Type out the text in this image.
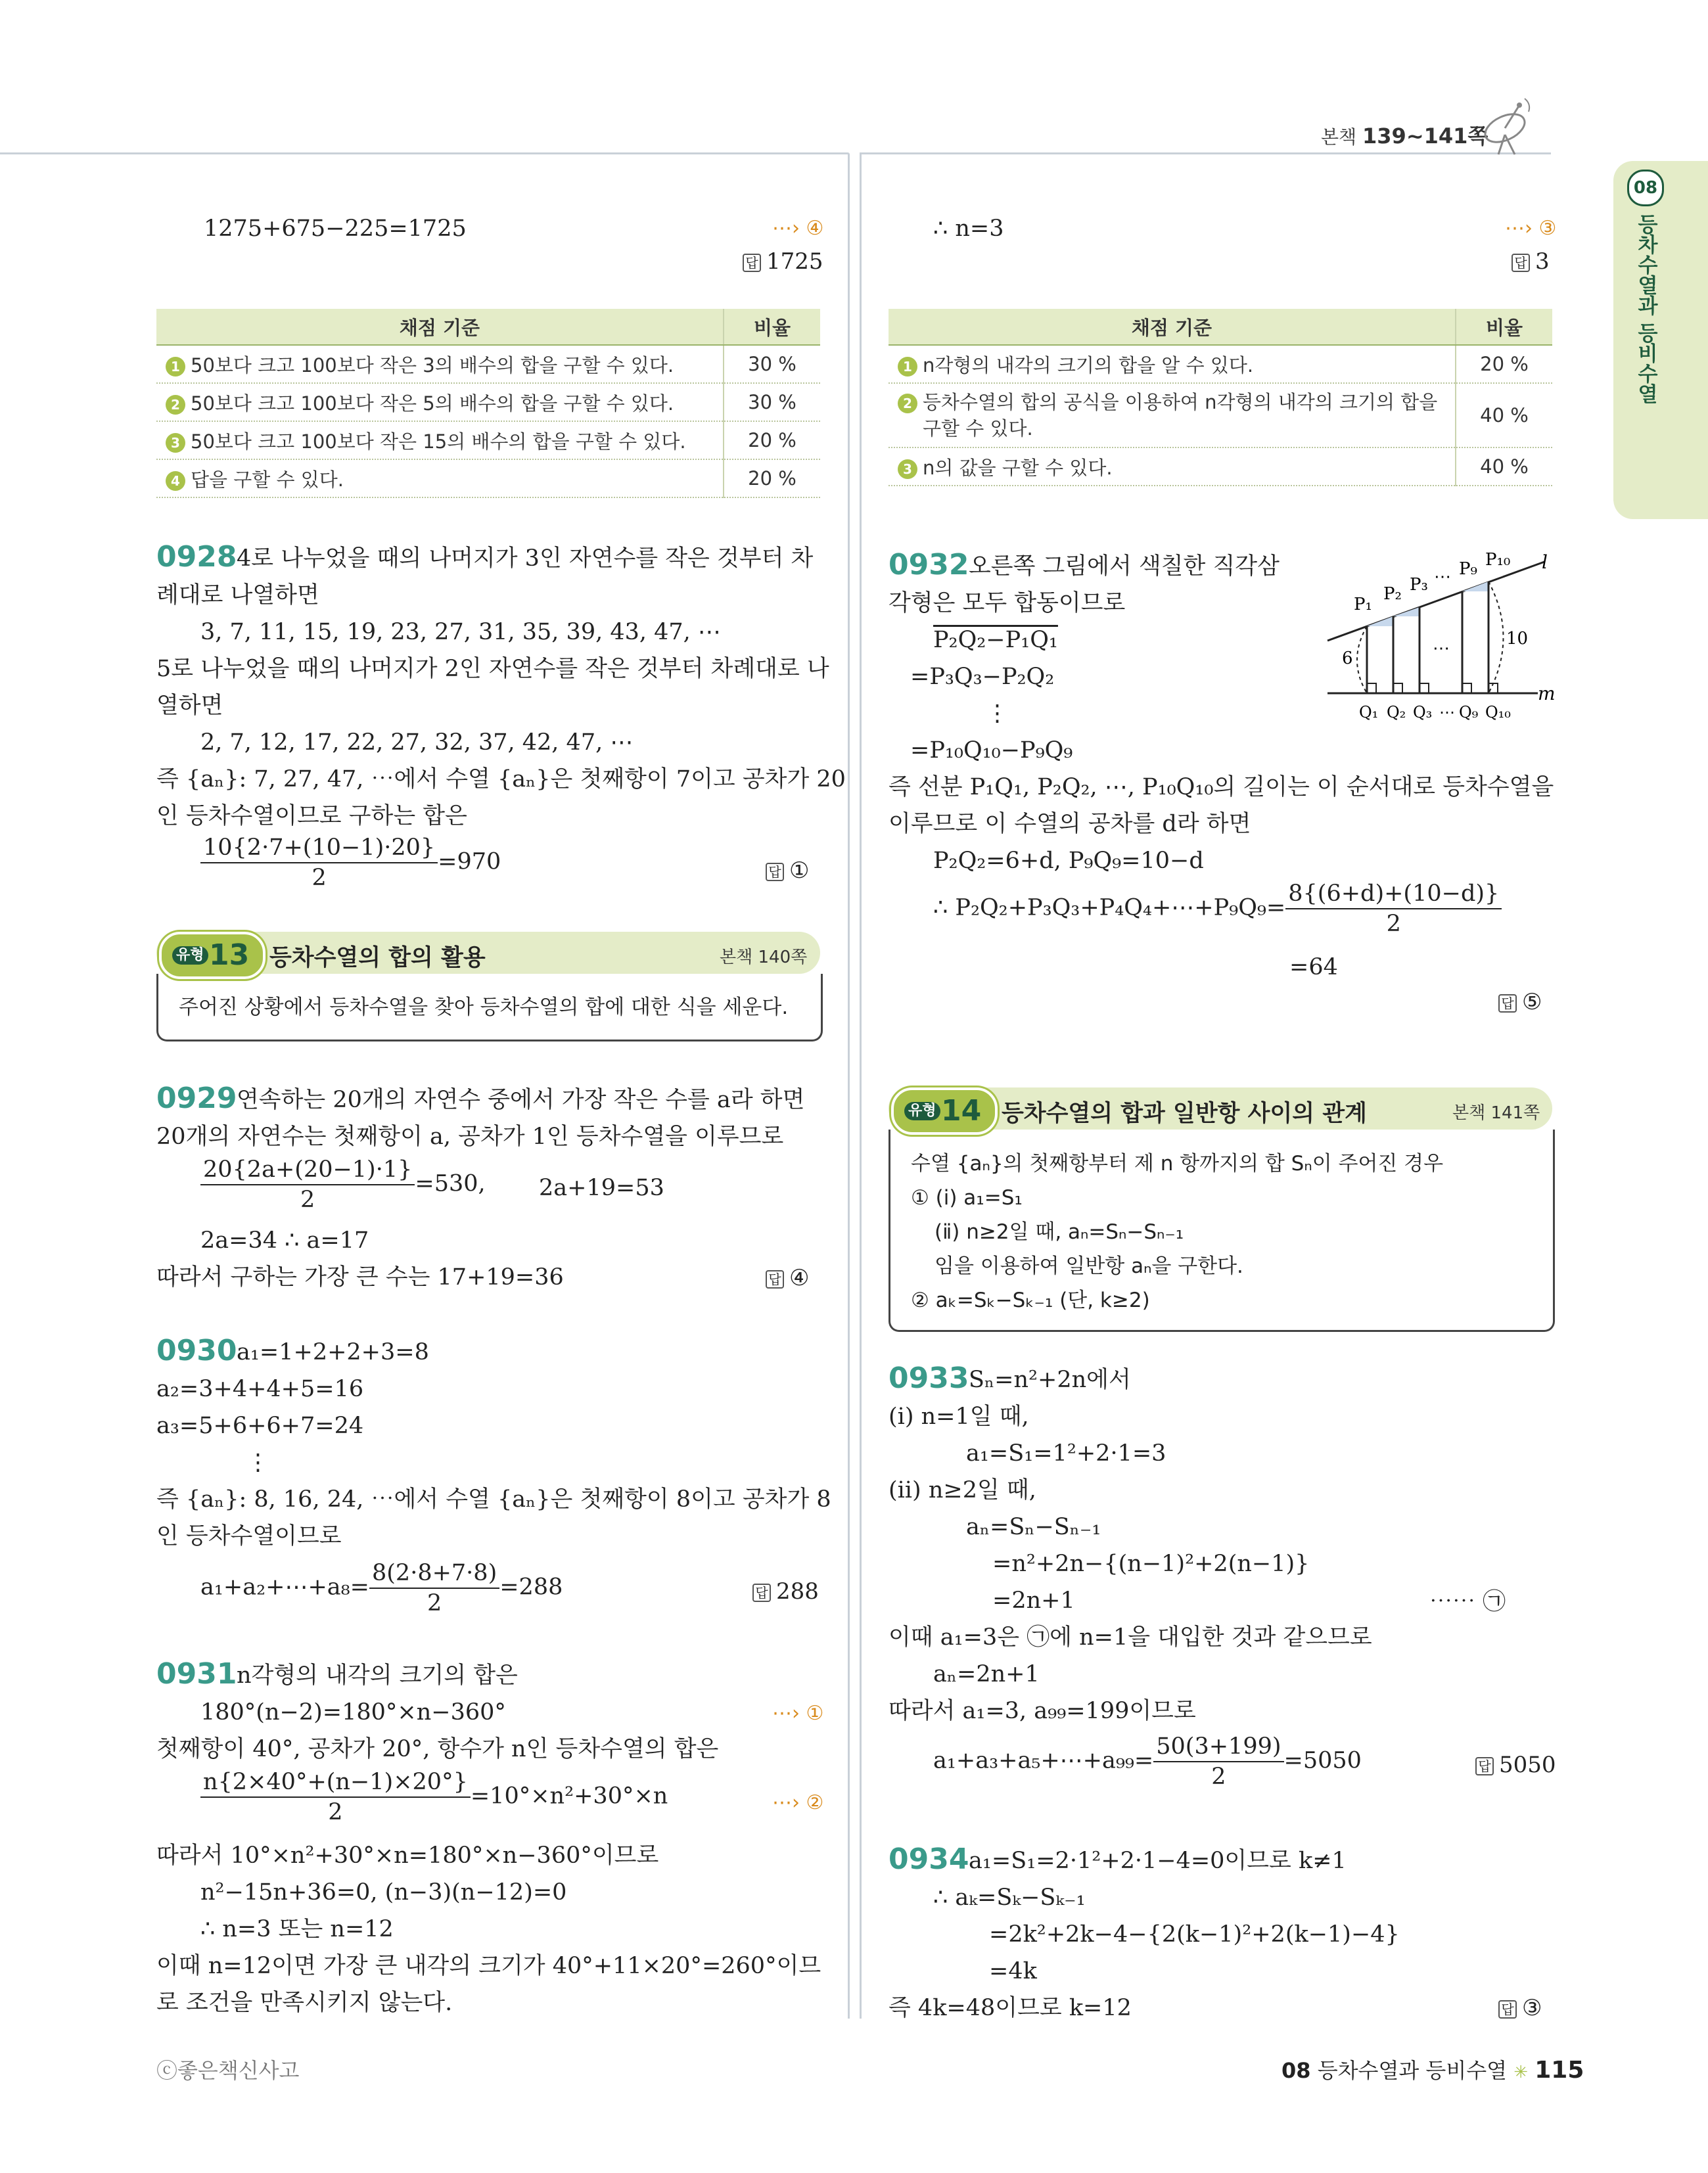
본책 139~141쪽
08
등차수열과 등비수열
1275+675−225=1725	⋯› ④
답 1725
채점 기준	비율
1 50보다 크고 100보다 작은 3의 배수의 합을 구할 수 있다.	30 %
2 50보다 크고 100보다 작은 5의 배수의 합을 구할 수 있다.	30 %
3 50보다 크고 100보다 작은 15의 배수의 합을 구할 수 있다.	20 %
4 답을 구할 수 있다.	20 %
0928 4로 나누었을 때의 나머지가 3인 자연수를 작은 것부터 차
례대로 나열하면
3, 7, 11, 15, 19, 23, 27, 31, 35, 39, 43, 47, ⋯
5로 나누었을 때의 나머지가 2인 자연수를 작은 것부터 차례대로 나
열하면
2, 7, 12, 17, 22, 27, 32, 37, 42, 47, ⋯
즉 {aₙ}: 7, 27, 47, ⋯에서 수열 {aₙ}은 첫째항이 7이고 공차가 20
인 등차수열이므로 구하는 합은
$\frac{10\{2\cdot 7+(10-1)\cdot 20\}}{2} =970$	답 ①
유형 13 등차수열의 합의 활용	본책 140쪽
주어진 상황에서 등차수열을 찾아 등차수열의 합에 대한 식을 세운다.
0929 연속하는 20개의 자연수 중에서 가장 작은 수를 a라 하면
20개의 자연수는 첫째항이 a, 공차가 1인 등차수열을 이루므로
$\frac{20\{2a+(20-1)\cdot 1\}}{2} =530$, 2a+19=53
2a=34 ∴ a=17
따라서 구하는 가장 큰 수는 17+19=36	답 ④
0930 a₁=1+2+2+3=8
a₂=3+4+4+5=16
a₃=5+6+6+7=24
⋮
즉 {aₙ}: 8, 16, 24, ⋯에서 수열 {aₙ}은 첫째항이 8이고 공차가 8
인 등차수열이므로
a₁+a₂+⋯+a₈= $\frac{8(2\cdot 8+7\cdot 8)}{2} =288$	답 288
0931 n각형의 내각의 크기의 합은
180°(n−2)=180°×n−360°	⋯› ①
첫째항이 40°, 공차가 20°, 항수가 n인 등차수열의 합은
$\frac{n\{2\times 40^\circ+(n-1)\times 20^\circ\}}{2} =10^\circ\times n^2+30^\circ\times n$	⋯› ②
따라서 10°×n²+30°×n=180°×n−360°이므로
n²−15n+36=0, (n−3)(n−12)=0
∴ n=3 또는 n=12
이때 n=12이면 가장 큰 내각의 크기가 40°+11×20°=260°이므
로 조건을 만족시키지 않는다.
∴ n=3	⋯› ③
답 3
채점 기준	비율
1 n각형의 내각의 크기의 합을 알 수 있다.	20 %
2 등차수열의 합의 공식을 이용하여 n각형의 내각의 크기의 합을
구할 수 있다.	40 %
3 n의 값을 구할 수 있다.	40 %
0932 오른쪽 그림에서 색칠한 직각삼
각형은 모두 합동이므로
P₂Q₂−P₁Q₁
=P₃Q₃−P₂Q₂
⋮
=P₁₀Q₁₀−P₉Q₉
즉 선분 P₁Q₁, P₂Q₂, ⋯, P₁₀Q₁₀의 길이는 이 순서대로 등차수열을
이루므로 이 수열의 공차를 d라 하면
P₂Q₂=6+d, P₉Q₉=10−d
∴ P₂Q₂+P₃Q₃+P₄Q₄+⋯+P₉Q₉= $\frac{8\{(6+d)+(10-d)\}}{2}$
=64
답 ⑤
P₁
P₂ P₃ ⋯ P₉ P₁₀ l
m
6
10
⋯
Q₁ Q₂ Q₃ ⋯ Q₉ Q₁₀
유형 14 등차수열의 합과 일반항 사이의 관계	본책 141쪽
수열 {aₙ}의 첫째항부터 제 n 항까지의 합 Sₙ이 주어진 경우
① (ⅰ) a₁=S₁
(ⅱ) n≥2일 때, aₙ=Sₙ−Sₙ₋₁
임을 이용하여 일반항 aₙ을 구한다.
② aₖ=Sₖ−Sₖ₋₁ (단, k≥2)
0933 Sₙ=n²+2n에서
(ⅰ) n=1일 때,
a₁=S₁=1²+2·1=3
(ⅱ) n≥2일 때,
aₙ=Sₙ−Sₙ₋₁
=n²+2n−{(n−1)²+2(n−1)}
=2n+1	⋯⋯ ㉠
이때 a₁=3은 ㉠에 n=1을 대입한 것과 같으므로
aₙ=2n+1
따라서 a₁=3, a₉₉=199이므로
a₁+a₃+a₅+⋯+a₉₉= $\frac{50(3+199)}{2} =5050$	답 5050
0934 a₁=S₁=2·1²+2·1−4=0이므로 k≠1
∴ aₖ=Sₖ−Sₖ₋₁
=2k²+2k−4−{2(k−1)²+2(k−1)−4}
=4k
즉 4k=48이므로 k=12	답 ③
ⓒ좋은책신사고	08 등차수열과 등비수열 ✳ 115
